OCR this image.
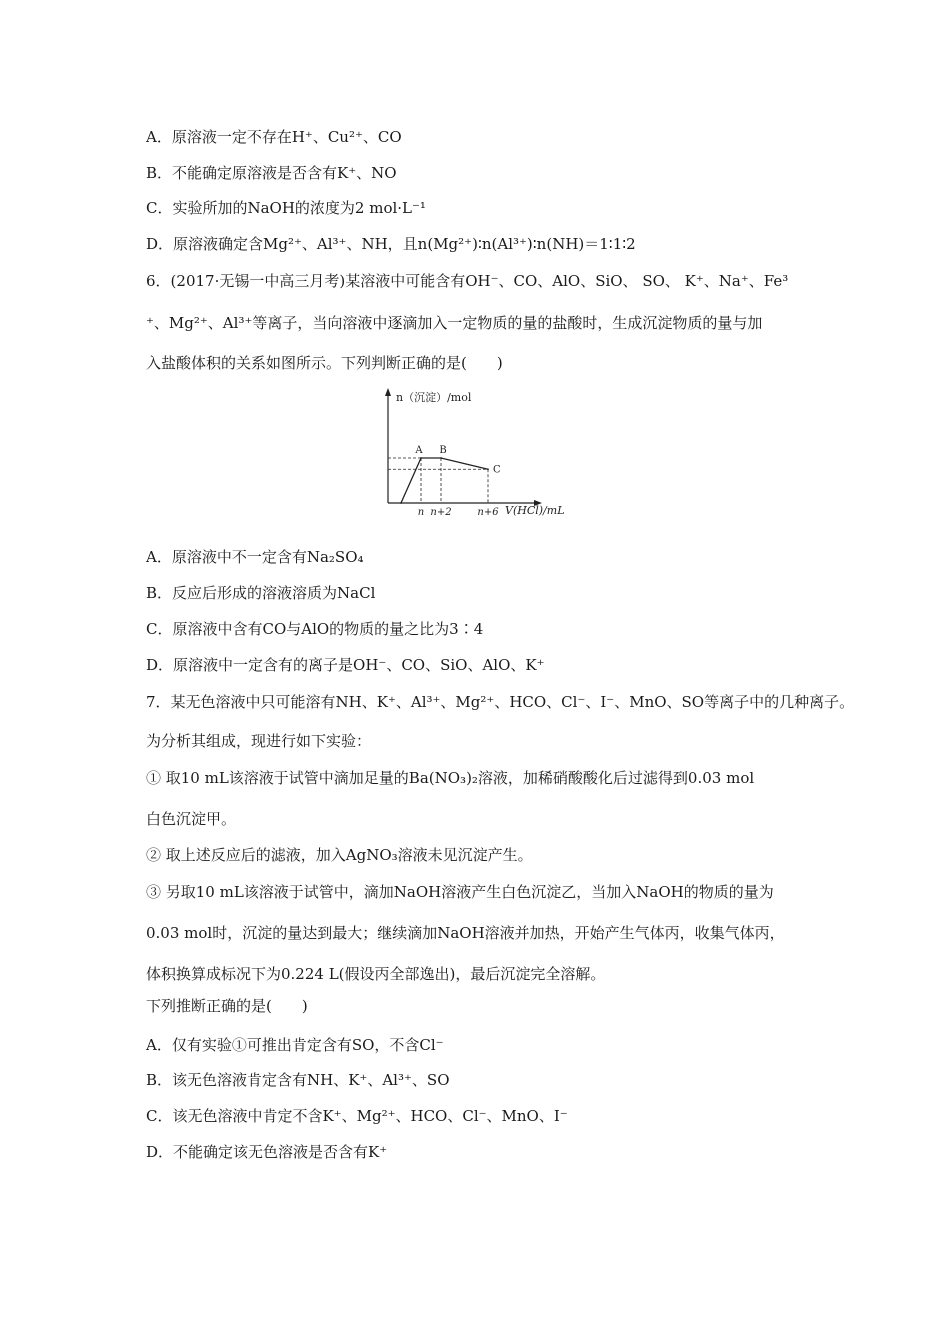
A．原溶液一定不存在H⁺、Cu²⁺、CO
B．不能确定原溶液是否含有K⁺、NO
C．实验所加的NaOH的浓度为2 mol·L⁻¹
D．原溶液确定含Mg²⁺、Al³⁺、NH，且n(Mg²⁺)∶n(Al³⁺)∶n(NH)＝1∶1∶2
6．(2017·无锡一中高三月考)某溶液中可能含有OH⁻、CO、AlO、SiO、 SO、 K⁺、Na⁺、Fe³
⁺、Mg²⁺、Al³⁺等离子，当向溶液中逐滴加入一定物质的量的盐酸时，生成沉淀物质的量与加
入盐酸体积的关系如图所示。下列判断正确的是(　　)
n（沉淀）/mol
V(HCl)/mL
n n+2	n+6
A B
C
A．原溶液中不一定含有Na₂SO₄
B．反应后形成的溶液溶质为NaCl
C．原溶液中含有CO与AlO的物质的量之比为3∶4
D．原溶液中一定含有的离子是OH⁻、CO、SiO、AlO、K⁺
7．某无色溶液中只可能溶有NH、K⁺、Al³⁺、Mg²⁺、HCO、Cl⁻、I⁻、MnO、SO等离子中的几种离子。
为分析其组成，现进行如下实验：
① 取10 mL该溶液于试管中滴加足量的Ba(NO₃)₂溶液，加稀硝酸酸化后过滤得到0.03 mol
白色沉淀甲。
② 取上述反应后的滤液，加入AgNO₃溶液未见沉淀产生。
③ 另取10 mL该溶液于试管中，滴加NaOH溶液产生白色沉淀乙，当加入NaOH的物质的量为
0.03 mol时，沉淀的量达到最大；继续滴加NaOH溶液并加热，开始产生气体丙，收集气体丙，
体积换算成标况下为0.224 L(假设丙全部逸出)，最后沉淀完全溶解。
下列推断正确的是(　　)
A．仅有实验①可推出肯定含有SO，不含Cl⁻
B．该无色溶液肯定含有NH、K⁺、Al³⁺、SO
C．该无色溶液中肯定不含K⁺、Mg²⁺、HCO、Cl⁻、MnO、I⁻
D．不能确定该无色溶液是否含有K⁺
